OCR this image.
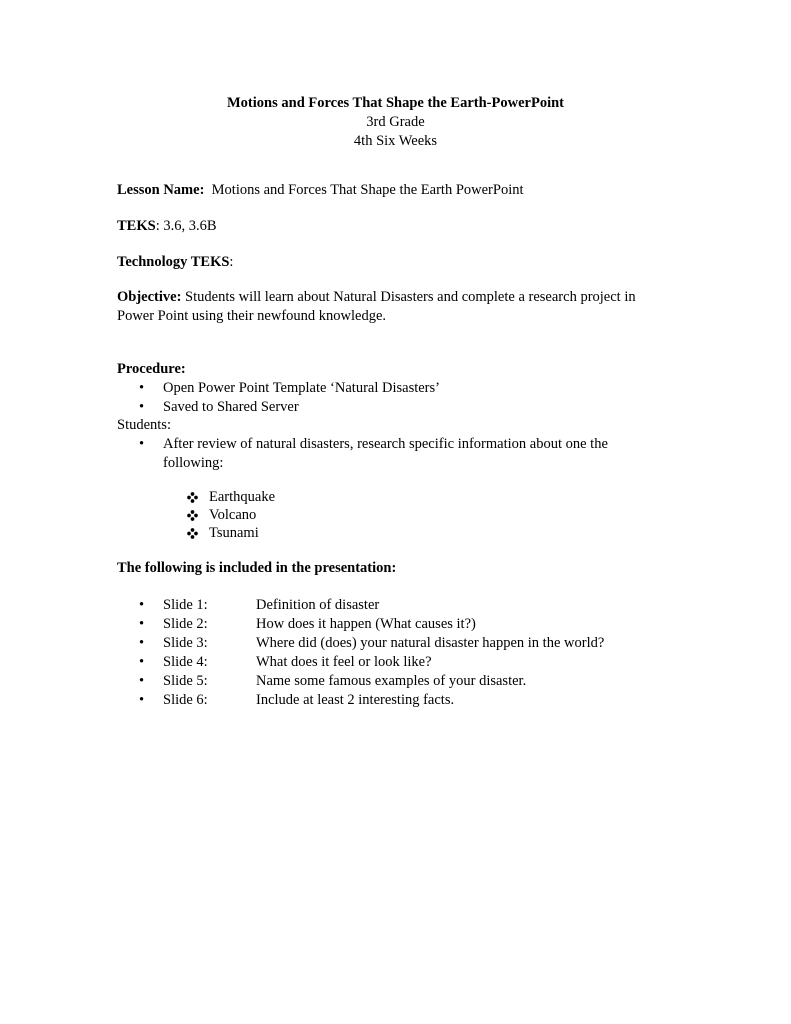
Motions and Forces That Shape the Earth-PowerPoint
3rd Grade
4th Six Weeks
Lesson Name: Motions and Forces That Shape the Earth PowerPoint
TEKS: 3.6, 3.6B
Technology TEKS:
Objective: Students will learn about Natural Disasters and complete a research project in
Power Point using their newfound knowledge.
Procedure:
• Open Power Point Template ‘Natural Disasters’
• Saved to Shared Server
Students:
• After review of natural disasters, research specific information about one the
following:
Earthquake
Volcano
Tsunami
The following is included in the presentation:
• Slide 1:	Definition of disaster
• Slide 2:	How does it happen (What causes it?)
• Slide 3:	Where did (does) your natural disaster happen in the world?
• Slide 4:	What does it feel or look like?
• Slide 5:	Name some famous examples of your disaster.
• Slide 6:	Include at least 2 interesting facts.
